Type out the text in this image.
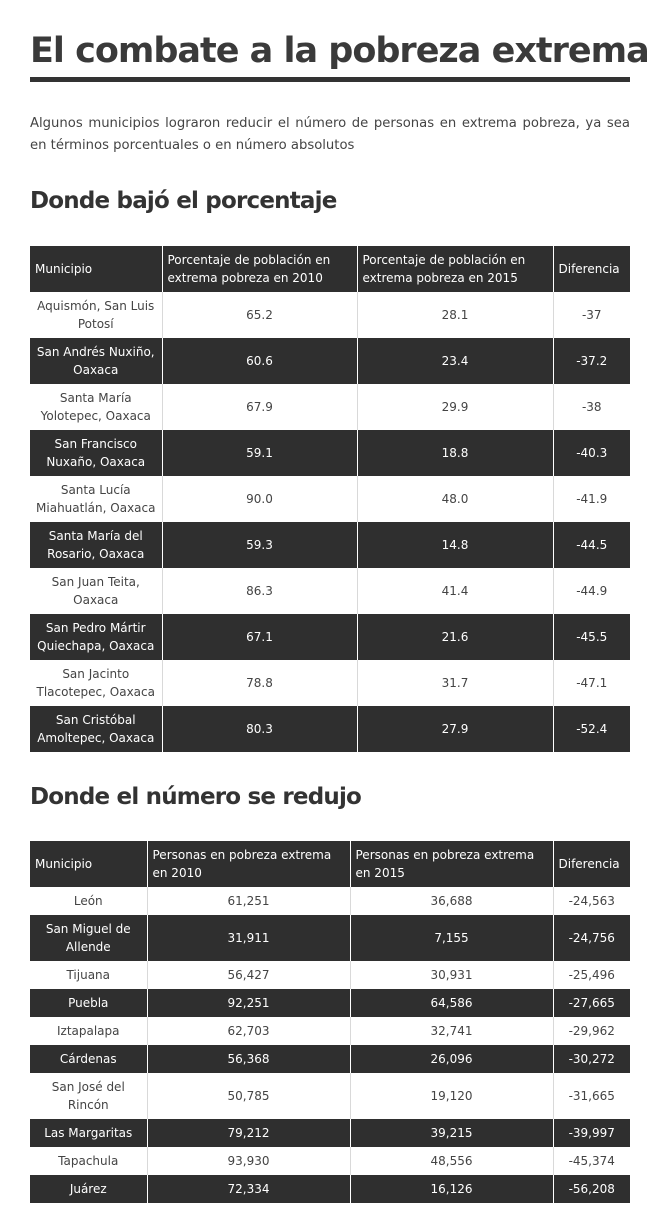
El combate a la pobreza extrema

Algunos municipios lograron reducir el número de personas en extrema pobreza, ya sea en términos porcentuales o en número absolutos

Donde bajó el porcentaje
Municipio	Porcentaje de población en extrema pobreza en 2010	Porcentaje de población en extrema pobreza en 2015	Diferencia
Aquismón, San Luis Potosí	65.2	28.1	-37
San Andrés Nuxiño, Oaxaca	60.6	23.4	-37.2
Santa María Yolotepec, Oaxaca	67.9	29.9	-38
San Francisco Nuxaño, Oaxaca	59.1	18.8	-40.3
Santa Lucía Miahuatlán, Oaxaca	90.0	48.0	-41.9
Santa María del Rosario, Oaxaca	59.3	14.8	-44.5
San Juan Teita, Oaxaca	86.3	41.4	-44.9
San Pedro Mártir Quiechapa, Oaxaca	67.1	21.6	-45.5
San Jacinto Tlacotepec, Oaxaca	78.8	31.7	-47.1
San Cristóbal Amoltepec, Oaxaca	80.3	27.9	-52.4
Donde el número se redujo
Municipio	Personas en pobreza extrema en 2010	Personas en pobreza extrema en 2015	Diferencia
León	61,251	36,688	-24,563
San Miguel de Allende	31,911	7,155	-24,756
Tijuana	56,427	30,931	-25,496
Puebla	92,251	64,586	-27,665
Iztapalapa	62,703	32,741	-29,962
Cárdenas	56,368	26,096	-30,272
San José del Rincón	50,785	19,120	-31,665
Las Margaritas	79,212	39,215	-39,997
Tapachula	93,930	48,556	-45,374
Juárez	72,334	16,126	-56,208
